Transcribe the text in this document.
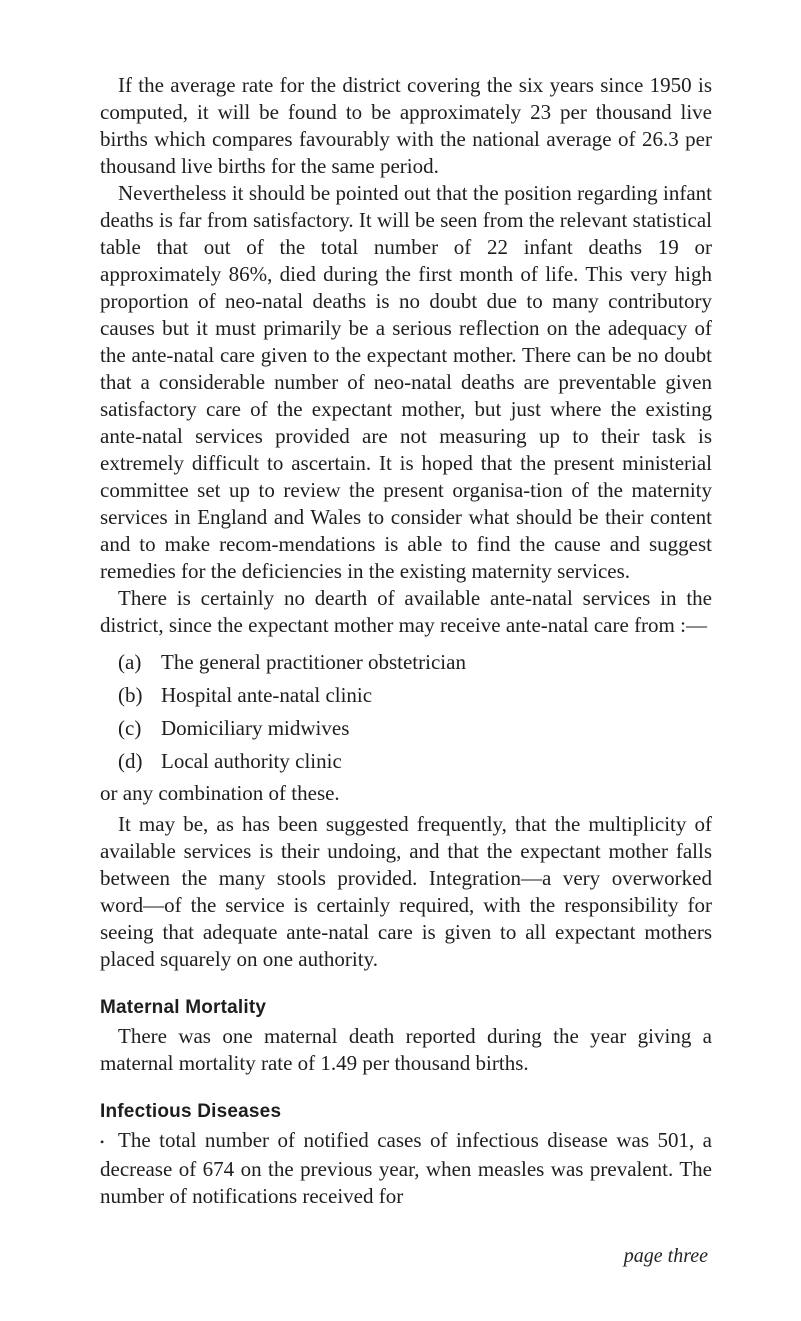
If the average rate for the district covering the six years since 1950 is computed, it will be found to be approximately 23 per thousand live births which compares favourably with the national average of 26.3 per thousand live births for the same period.

Nevertheless it should be pointed out that the position regarding infant deaths is far from satisfactory. It will be seen from the relevant statistical table that out of the total number of 22 infant deaths 19 or approximately 86%, died during the first month of life. This very high proportion of neo-natal deaths is no doubt due to many contributory causes but it must primarily be a serious reflection on the adequacy of the ante-natal care given to the expectant mother. There can be no doubt that a considerable number of neo-natal deaths are preventable given satisfactory care of the expectant mother, but just where the existing ante-natal services provided are not measuring up to their task is extremely difficult to ascertain. It is hoped that the present ministerial committee set up to review the present organisa-tion of the maternity services in England and Wales to consider what should be their content and to make recom-mendations is able to find the cause and suggest remedies for the deficiencies in the existing maternity services.

There is certainly no dearth of available ante-natal services in the district, since the expectant mother may receive ante-natal care from :—

(a) The general practitioner obstetrician
(b) Hospital ante-natal clinic
(c) Domiciliary midwives
(d) Local authority clinic

or any combination of these.

It may be, as has been suggested frequently, that the multiplicity of available services is their undoing, and that the expectant mother falls between the many stools provided. Integration—a very overworked word—of the service is certainly required, with the responsibility for seeing that adequate ante-natal care is given to all expectant mothers placed squarely on one authority.

Maternal Mortality

There was one maternal death reported during the year giving a maternal mortality rate of 1.49 per thousand births.

Infectious Diseases

• The total number of notified cases of infectious disease was 501, a decrease of 674 on the previous year, when measles was prevalent. The number of notifications received for

page three
